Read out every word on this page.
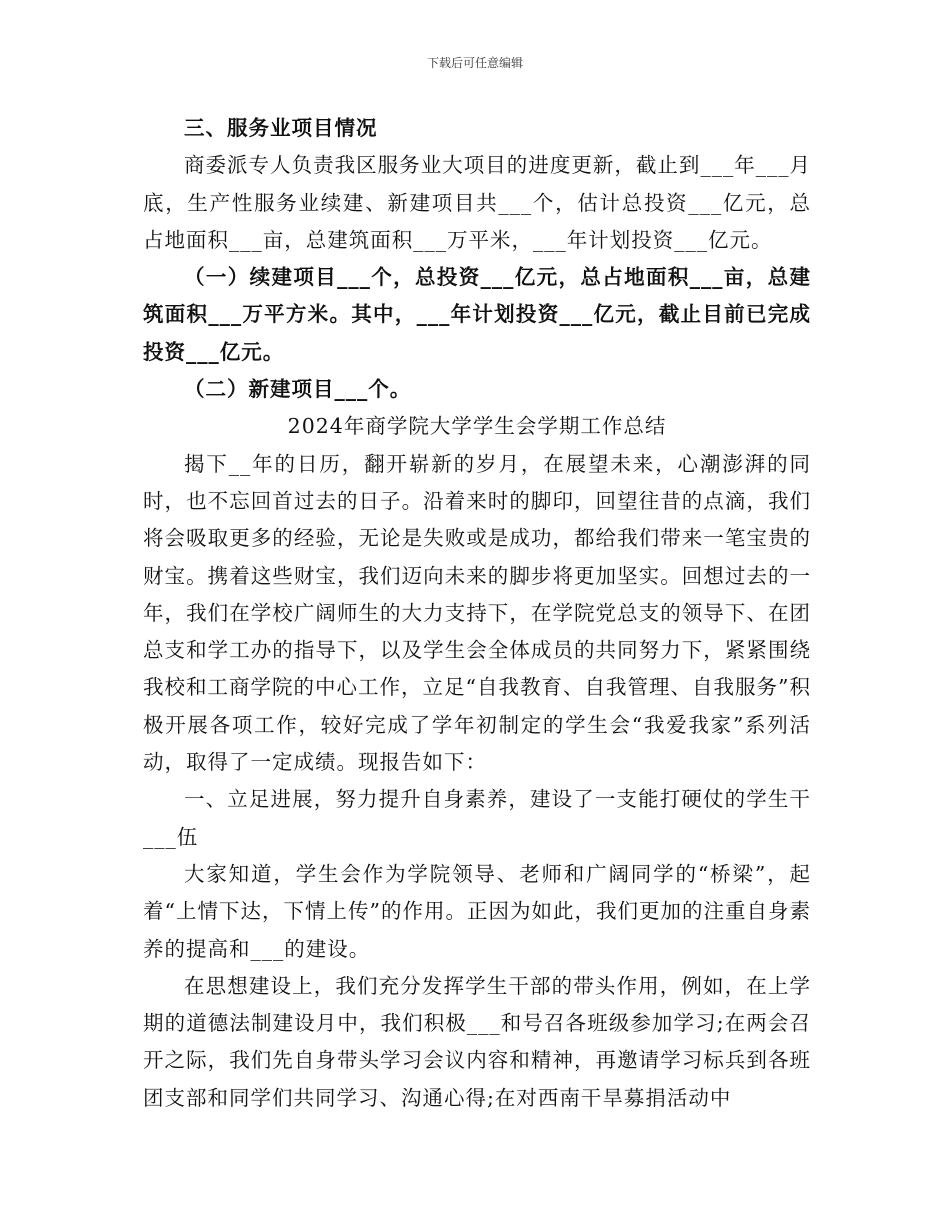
下载后可任意编辑

三、服务业项目情况

商委派专人负责我区服务业大项目的进度更新，截止到___年___月底，生产性服务业续建、新建项目共___个，估计总投资___亿元，总占地面积___亩，总建筑面积___万平米，___年计划投资___亿元。

（一）续建项目___个，总投资___亿元，总占地面积___亩，总建筑面积___万平方米。其中，___年计划投资___亿元，截止目前已完成投资___亿元。

（二）新建项目___个。

2024年商学院大学学生会学期工作总结

揭下__年的日历，翻开崭新的岁月，在展望未来，心潮澎湃的同时，也不忘回首过去的日子。沿着来时的脚印，回望往昔的点滴，我们将会吸取更多的经验，无论是失败或是成功，都给我们带来一笔宝贵的财宝。携着这些财宝，我们迈向未来的脚步将更加坚实。回想过去的一年，我们在学校广阔师生的大力支持下，在学院党总支的领导下、在团总支和学工办的指导下，以及学生会全体成员的共同努力下，紧紧围绕我校和工商学院的中心工作，立足“自我教育、自我管理、自我服务”积极开展各项工作，较好完成了学年初制定的学生会“我爱我家”系列活动，取得了一定成绩。现报告如下：

一、立足进展，努力提升自身素养，建设了一支能打硬仗的学生干___伍

大家知道，学生会作为学院领导、老师和广阔同学的“桥梁”，起着“上情下达，下情上传”的作用。正因为如此，我们更加的注重自身素养的提高和___的建设。

在思想建设上，我们充分发挥学生干部的带头作用，例如，在上学期的道德法制建设月中，我们积极___和号召各班级参加学习;在两会召开之际，我们先自身带头学习会议内容和精神，再邀请学习标兵到各班团支部和同学们共同学习、沟通心得;在对西南干旱募捐活动中
